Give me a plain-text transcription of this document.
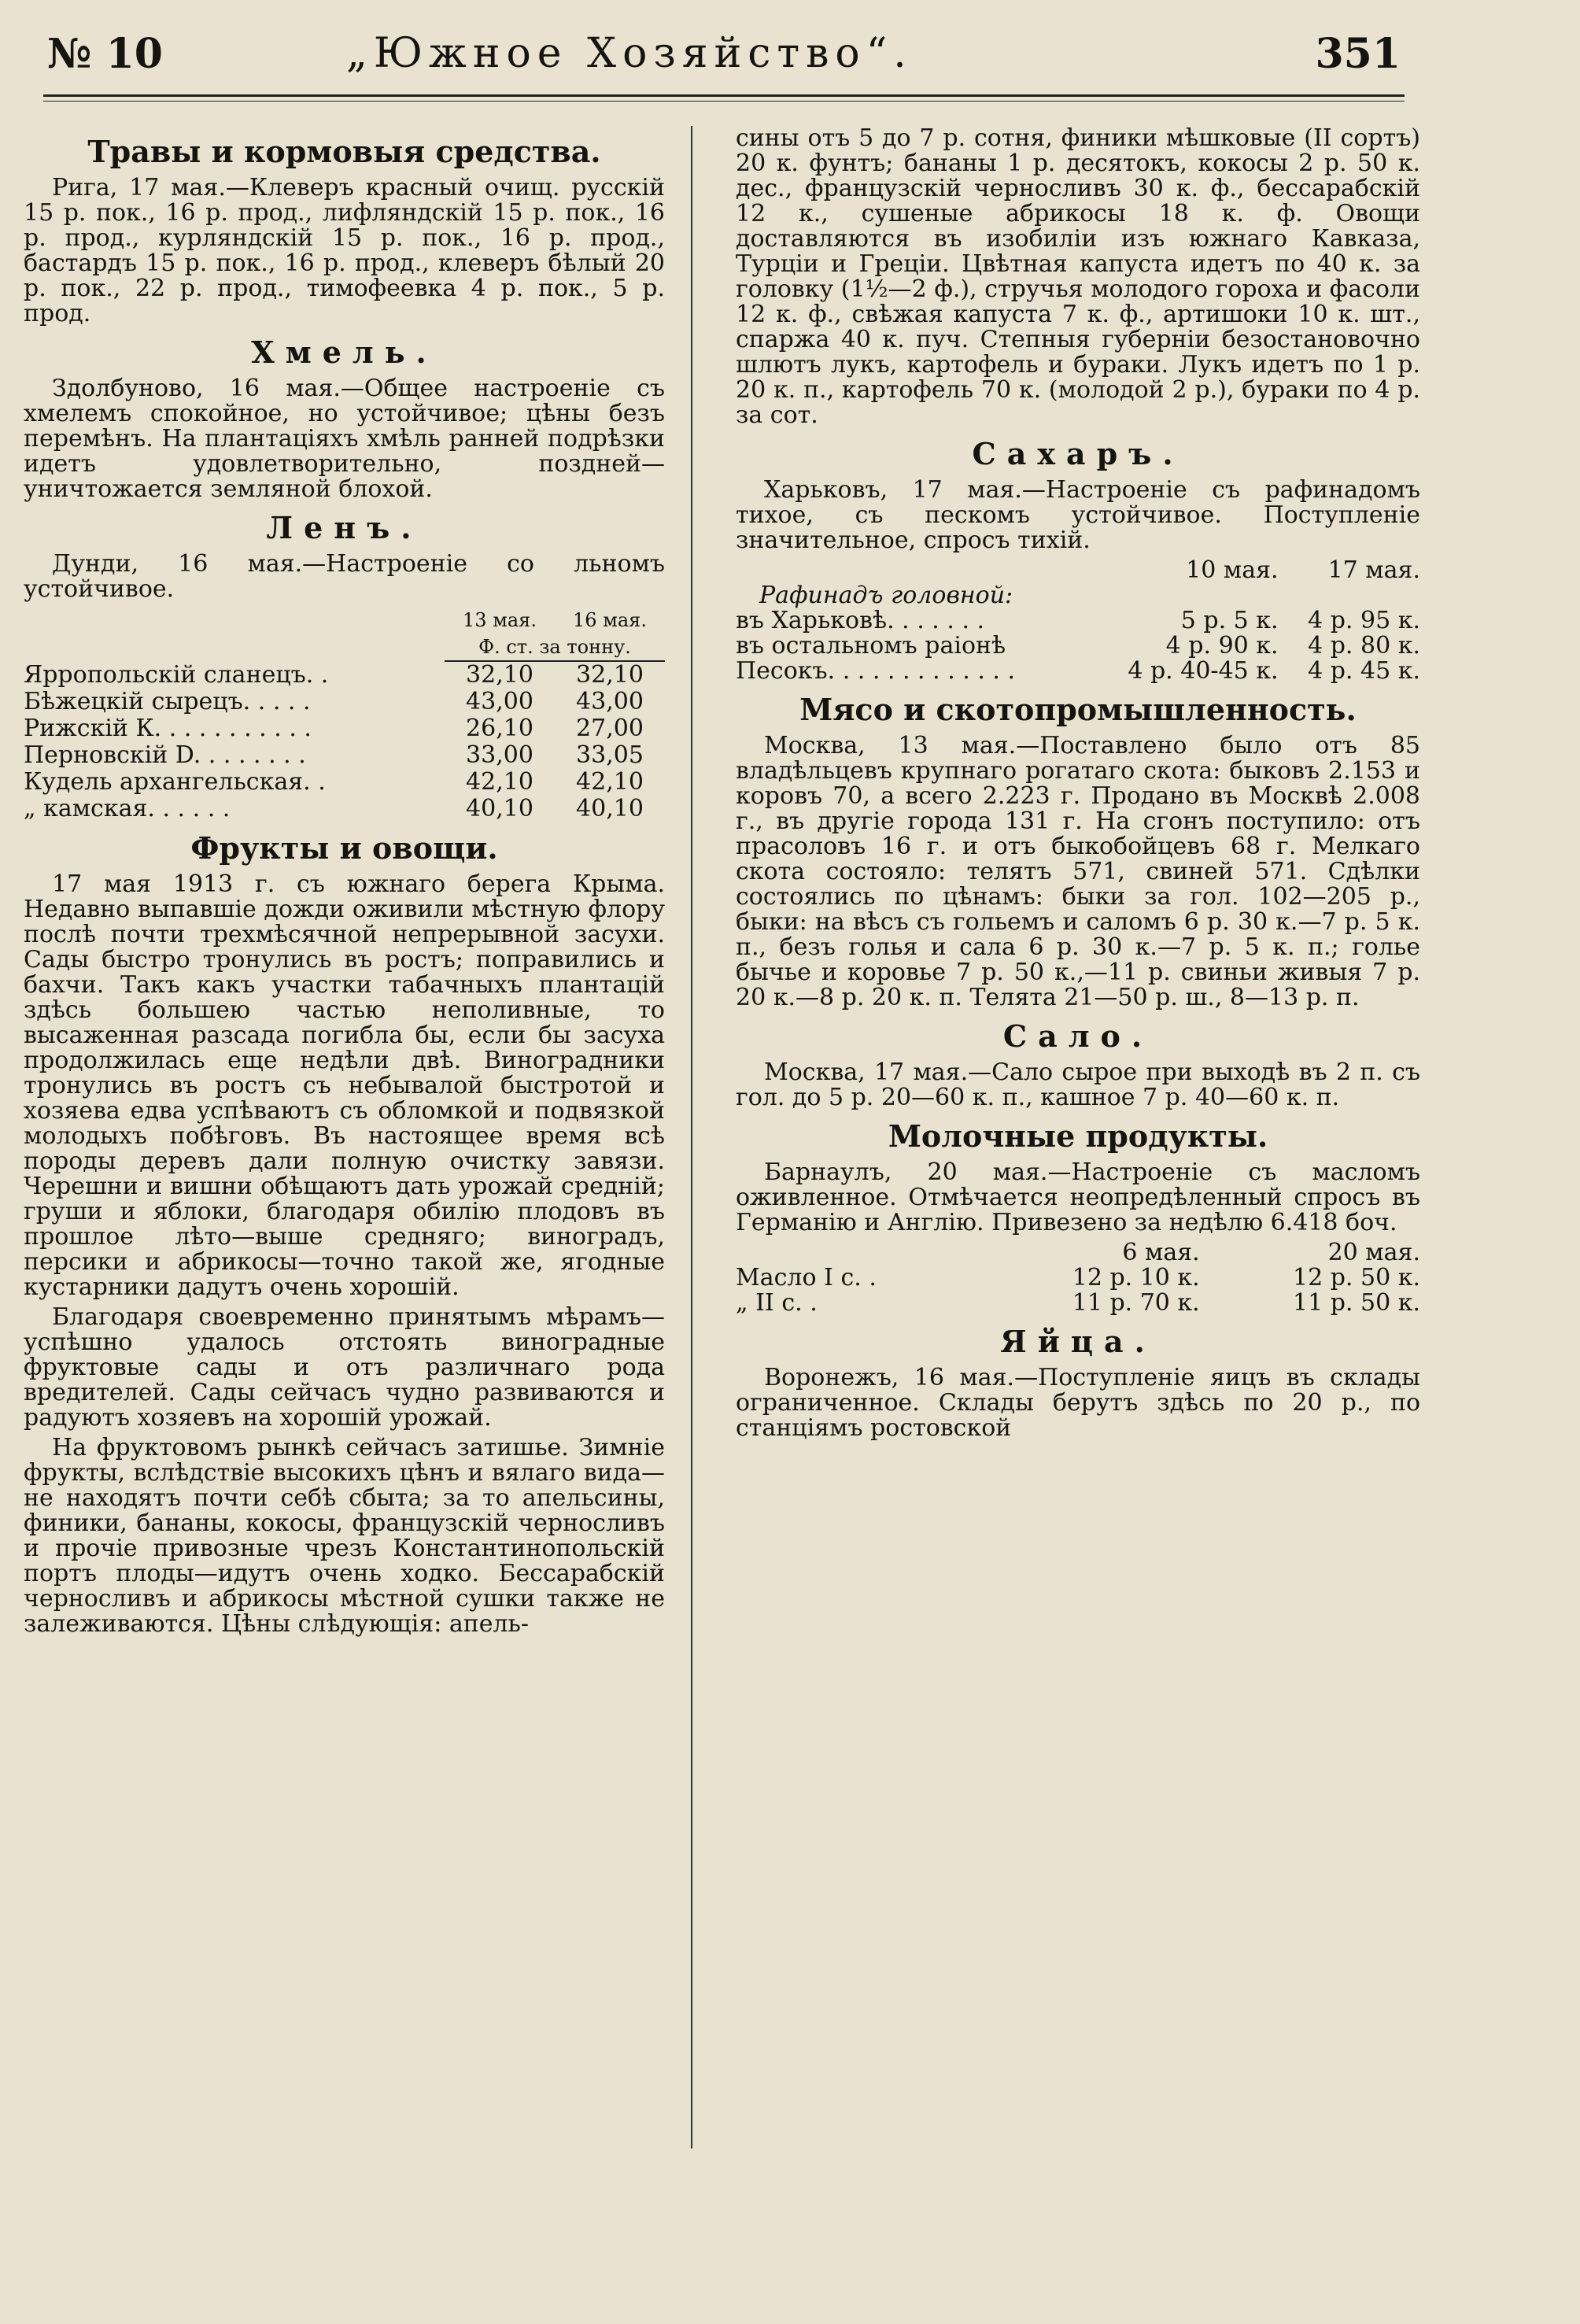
№ 10	„Южное Хозяйство“.	351
Травы и кормовыя средства.

Рига, 17 мая.—Клеверъ красный очищ. русскій 15 р. пок., 16 р. прод., лифляндскій 15 р. пок., 16 р. прод., курляндскій 15 р. пок., 16 р. прод., бастардъ 15 р. пок., 16 р. прод., клеверъ бѣлый 20 р. пок., 22 р. прод., тимофеевка 4 р. пок., 5 р. прод.

Хмель.

Здолбуново, 16 мая.—Общее настроеніе съ хмелемъ спокойное, но устойчивое; цѣны безъ перемѣнъ. На плантаціяхъ хмѣль ранней подрѣзки идетъ удовлетворительно, поздней—уничтожается земляной блохой.

Ленъ.

Дунди, 16 мая.—Настроеніе со льномъ устойчивое.

	13 мая.	16 мая.
	Ф. ст. за тонну.	
Ярропольскій сланецъ. .	32,10	32,10
Бѣжецкій сырецъ. . . . .	43,00	43,00
Рижскій К. . . . . . . . . . .	26,10	27,00
Перновскій D. . . . . . . .	33,00	33,05
Кудель архангельская. .	42,10	42,10
„ камская. . . . . .	40,10	40,10
Фрукты и овощи.

17 мая 1913 г. съ южнаго берега Крыма. Недавно выпавшіе дожди оживили мѣстную флору послѣ почти трехмѣсячной непрерывной засухи. Сады быстро тронулись въ ростъ; поправились и бахчи. Такъ какъ участки табачныхъ плантацій здѣсь большею частью неполивные, то высаженная разсада погибла бы, если бы засуха продолжилась еще недѣли двѣ. Виноградники тронулись въ ростъ съ небывалой быстротой и хозяева едва успѣваютъ съ обломкой и подвязкой молодыхъ побѣговъ. Въ настоящее время всѣ породы деревъ дали полную очистку завязи. Черешни и вишни обѣщаютъ дать урожай средній; груши и яблоки, благодаря обилію плодовъ въ прошлое лѣто—выше средняго; виноградъ, персики и абрикосы—точно такой же, ягодные кустарники дадутъ очень хорошій.

Благодаря своевременно принятымъ мѣрамъ—успѣшно удалось отстоять виноградные фруктовые сады и отъ различнаго рода вредителей. Сады сейчасъ чудно развиваются и радуютъ хозяевъ на хорошій урожай.

На фруктовомъ рынкѣ сейчасъ затишье. Зимніе фрукты, вслѣдствіе высокихъ цѣнъ и вялаго вида—не находятъ почти себѣ сбыта; за то апельсины, финики, бананы, кокосы, французскій черносливъ и прочіе привозные чрезъ Константинопольскій портъ плоды—идутъ очень ходко. Бессарабскій черносливъ и абрикосы мѣстной сушки также не залеживаются. Цѣны слѣдующія: апель-

сины отъ 5 до 7 р. сотня, финики мѣшковые (II сортъ) 20 к. фунтъ; бананы 1 р. десятокъ, кокосы 2 р. 50 к. дес., французскій черносливъ 30 к. ф., бессарабскій 12 к., сушеные абрикосы 18 к. ф. Овощи доставляются въ изобиліи изъ южнаго Кавказа, Турціи и Греціи. Цвѣтная капуста идетъ по 40 к. за головку (1½—2 ф.), стручья молодого гороха и фасоли 12 к. ф., свѣжая капуста 7 к. ф., артишоки 10 к. шт., спаржа 40 к. пуч. Степныя губерніи безостановочно шлютъ лукъ, картофель и бураки. Лукъ идетъ по 1 р. 20 к. п., картофель 70 к. (молодой 2 р.), бураки по 4 р. за сот.

Сахаръ.

Харьковъ, 17 мая.—Настроеніе съ рафинадомъ тихое, съ пескомъ устойчивое. Поступленіе значительное, спросъ тихій.

	10 мая.	17 мая.
Рафинадъ головной:		
въ Харьковѣ. . . . . . .	5 р. 5 к.	4 р. 95 к.
въ остальномъ раіонѣ	4 р. 90 к.	4 р. 80 к.
Песокъ. . . . . . . . . . . . .	4 р. 40-45 к.	4 р. 45 к.
Мясо и скотопромышленность.

Москва, 13 мая.—Поставлено было отъ 85 владѣльцевъ крупнаго рогатаго скота: быковъ 2.153 и коровъ 70, а всего 2.223 г. Продано въ Москвѣ 2.008 г., въ другіе города 131 г. На сгонъ поступило: отъ прасоловъ 16 г. и отъ быкобойцевъ 68 г. Мелкаго скота состояло: телятъ 571, свиней 571. Сдѣлки состоялись по цѣнамъ: быки за гол. 102—205 р., быки: на вѣсъ съ гольемъ и саломъ 6 р. 30 к.—7 р. 5 к. п., безъ голья и сала 6 р. 30 к.—7 р. 5 к. п.; голье бычье и коровье 7 р. 50 к.,—11 р. свиньи живыя 7 р. 20 к.—8 р. 20 к. п. Телята 21—50 р. ш., 8—13 р. п.

Сало.

Москва, 17 мая.—Сало сырое при выходѣ въ 2 п. съ гол. до 5 р. 20—60 к. п., кашное 7 р. 40—60 к. п.

Молочные продукты.

Барнаулъ, 20 мая.—Настроеніе съ масломъ оживленное. Отмѣчается неопредѣленный спросъ въ Германію и Англію. Привезено за недѣлю 6.418 боч.

	6 мая.	20 мая.
Масло I с. .	12 р. 10 к.	12 р. 50 к.
„ II с. .	11 р. 70 к.	11 р. 50 к.
Яйца.

Воронежъ, 16 мая.—Поступленіе яицъ въ склады ограниченное. Склады берутъ здѣсь по 20 р., по станціямъ ростовской
